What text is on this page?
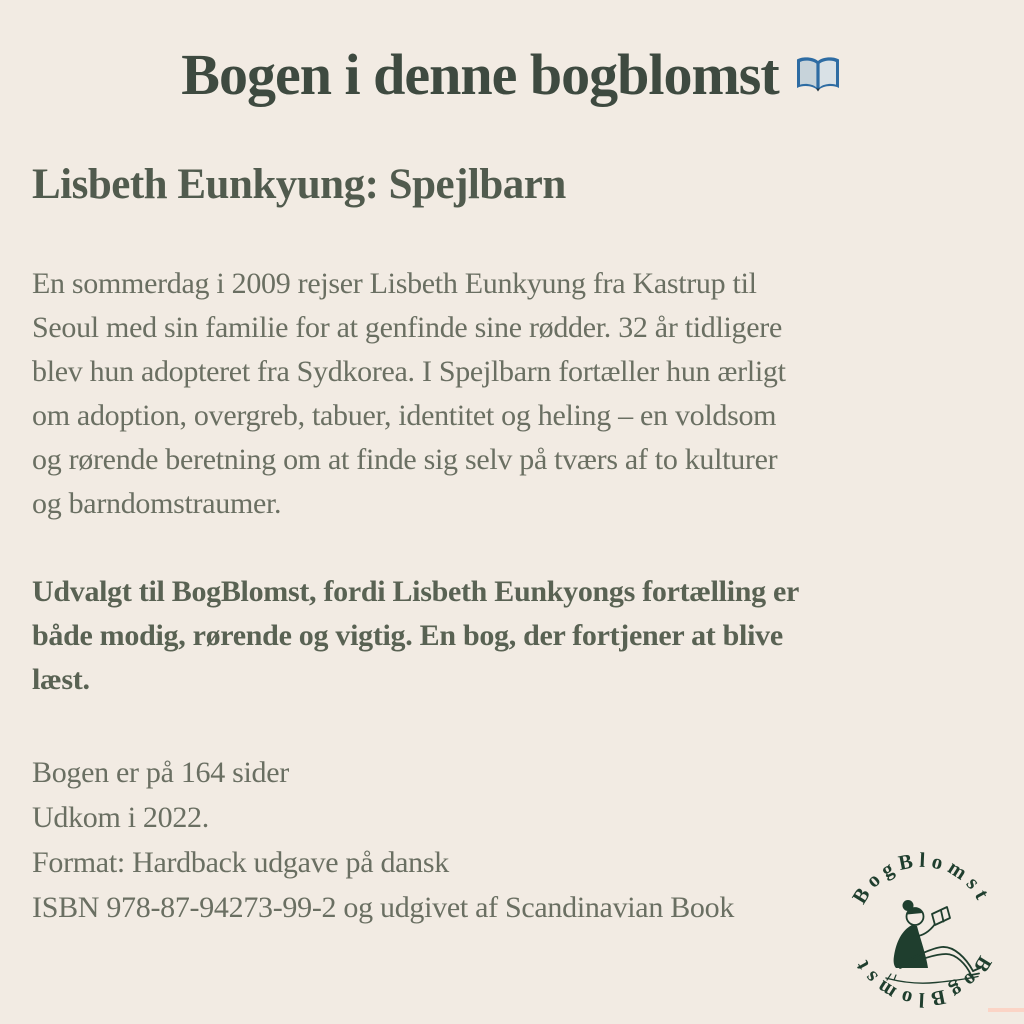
Bogen i denne bogblomst
Lisbeth Eunkyung: Spejlbarn
En sommerdag i 2009 rejser Lisbeth Eunkyung fra Kastrup til
Seoul med sin familie for at genfinde sine rødder. 32 år tidligere
blev hun adopteret fra Sydkorea. I Spejlbarn fortæller hun ærligt
om adoption, overgreb, tabuer, identitet og heling – en voldsom
og rørende beretning om at finde sig selv på tværs af to kulturer
og barndomstraumer.
Udvalgt til BogBlomst, fordi Lisbeth Eunkyongs fortælling er
både modig, rørende og vigtig. En bog, der fortjener at blive
læst.
Bogen er på 164 sider
Udkom i 2022.
Format: Hardback udgave på dansk
ISBN 978-87-94273-99-2 og udgivet af Scandinavian Book	BogBlomst BogBlomst
